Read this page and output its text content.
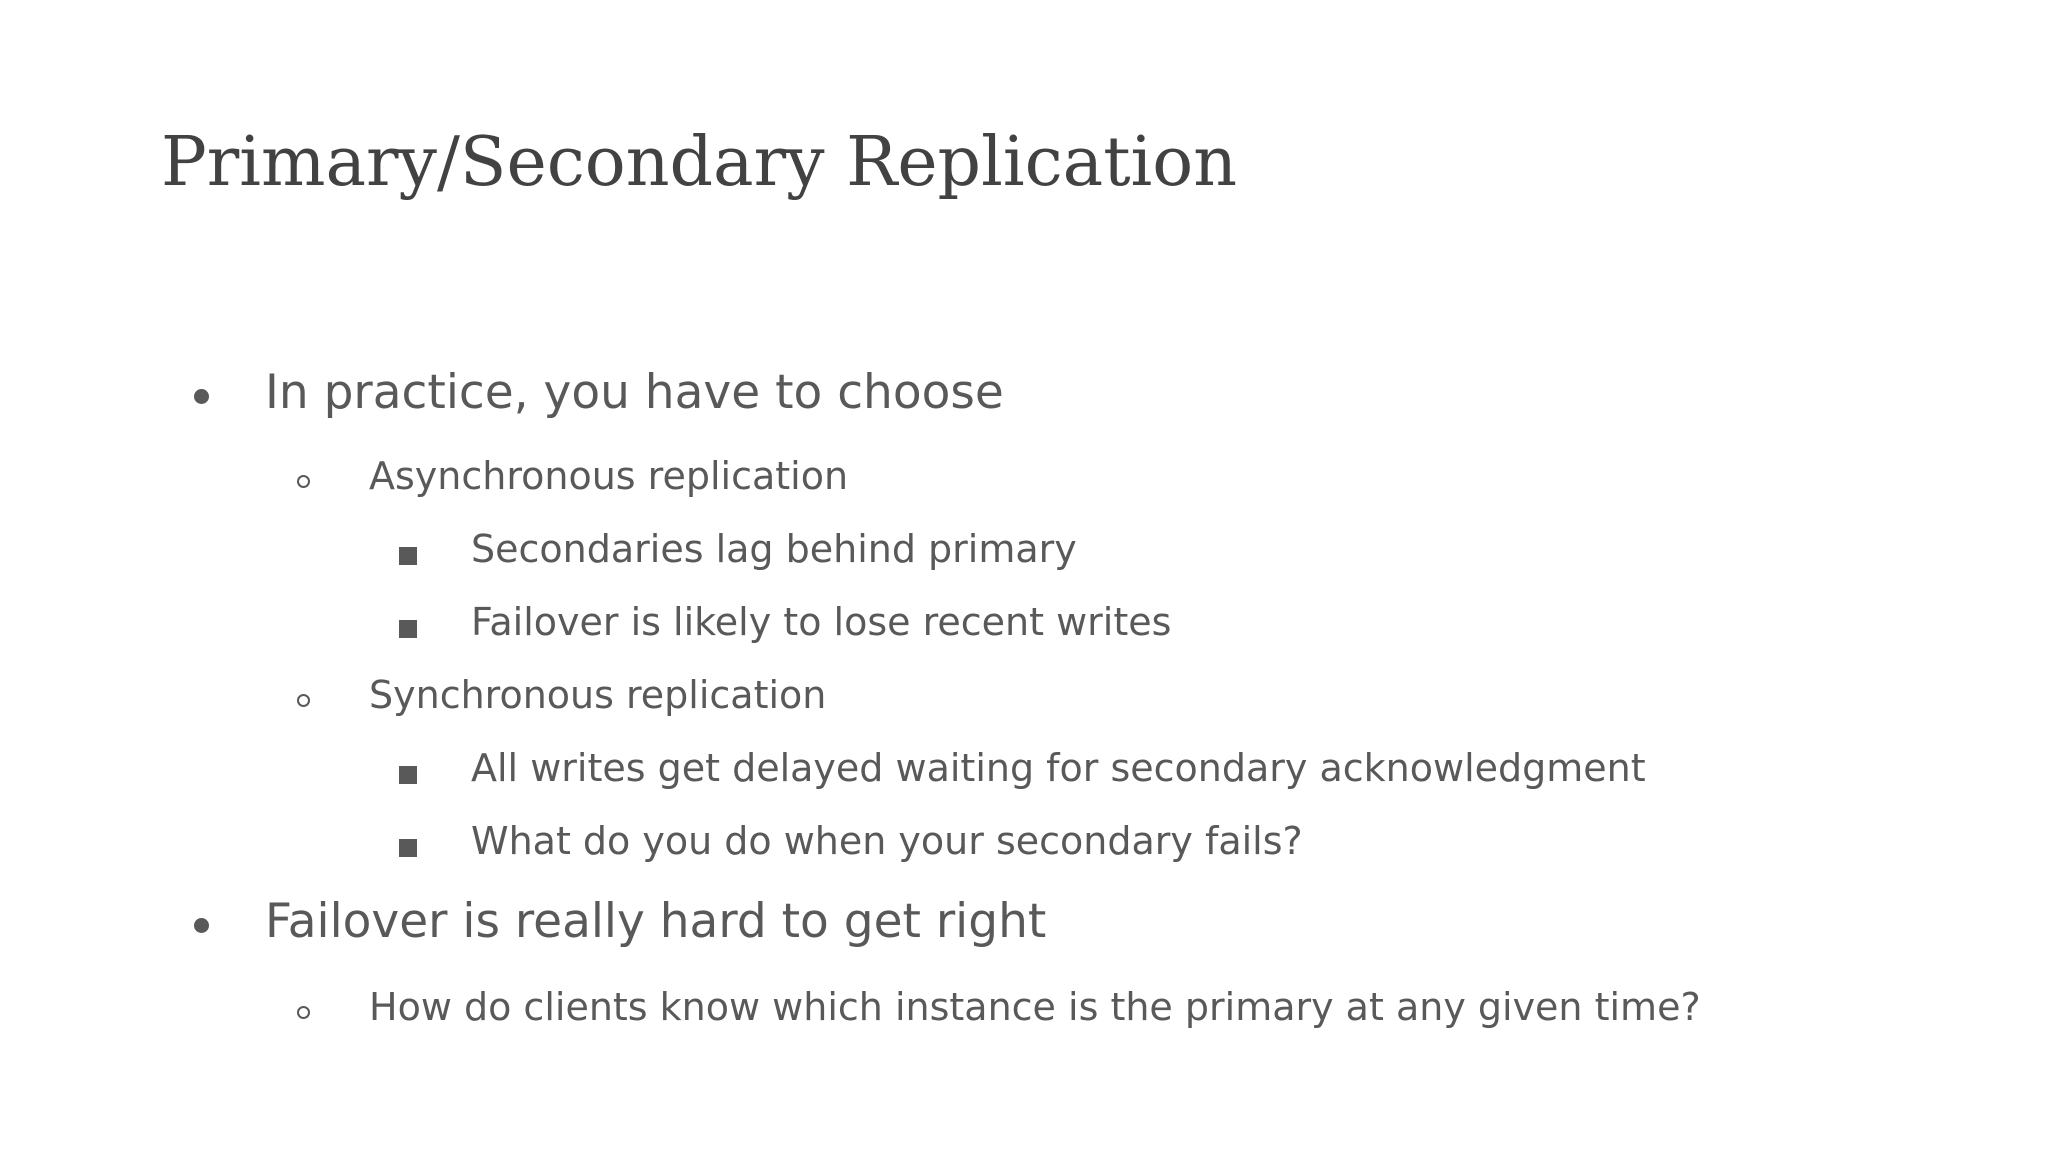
Primary/Secondary Replication
In practice, you have to choose
Asynchronous replication
Secondaries lag behind primary
Failover is likely to lose recent writes
Synchronous replication
All writes get delayed waiting for secondary acknowledgment
What do you do when your secondary fails?
Failover is really hard to get right
How do clients know which instance is the primary at any given time?
